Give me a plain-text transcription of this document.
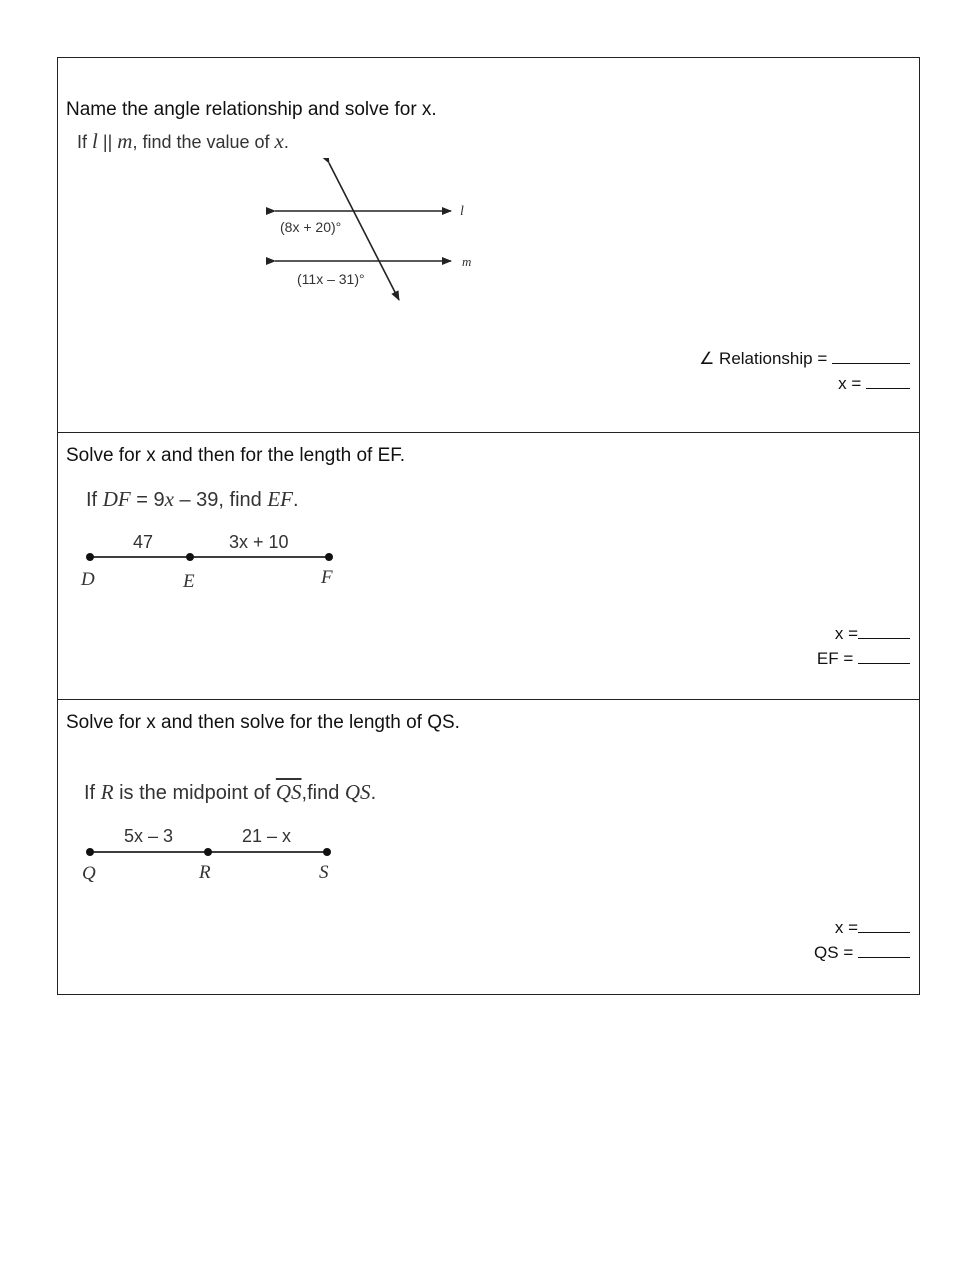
Name the angle relationship and solve for x.
If l || m, find the value of x.
l
m
(8x + 20)°
(11x – 31)°
∠ Relationship =
x =
Solve for x and then for the length of EF.
If DF = 9x – 39, find EF.
47	3x + 10
D	E	F
x =
EF =
Solve for x and then solve for the length of QS.
If R is the midpoint of $\overline{QS},find$ QS.
5x – 3	21 – x
Q	R	S
x =
QS =
